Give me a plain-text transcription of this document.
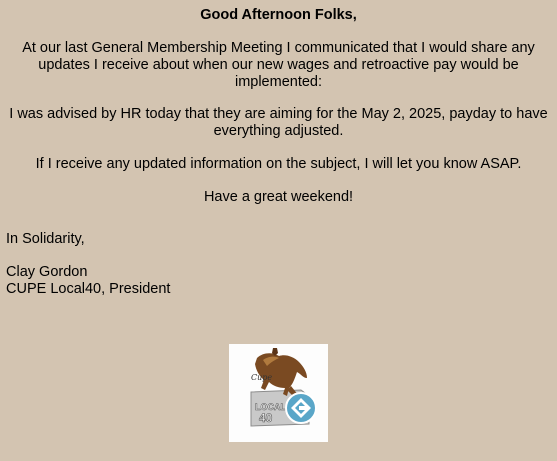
Good Afternoon Folks,

At our last General Membership Meeting I communicated that I would share any updates I receive about when our new wages and retroactive pay would be implemented:

I was advised by HR today that they are aiming for the May 2, 2025, payday to have everything adjusted.

If I receive any updated information on the subject, I will let you know ASAP.

Have a great weekend!

In Solidarity,

Clay Gordon

CUPE Local40, President

Cupe
LOCAL
40
